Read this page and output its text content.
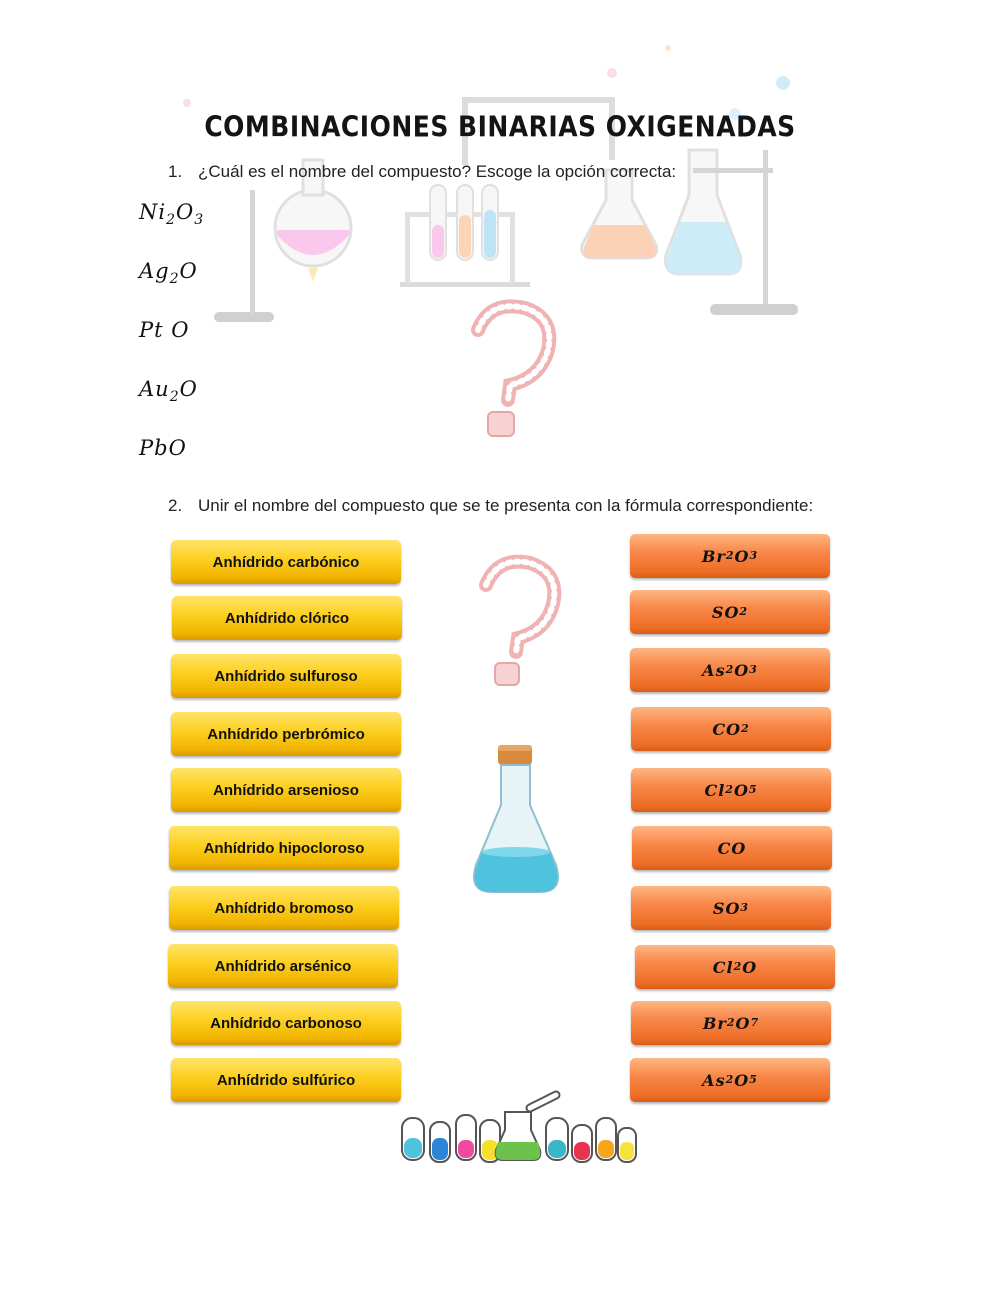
COMBINACIONES BINARIAS OXIGENADAS
1. ¿Cuál es el nombre del compuesto? Escoge la opción correcta:
$Ni_2O_3$
$Ag_2O$
Pt O
$Au_2O$
PbO
2. Unir el nombre del compuesto que se te presenta con la fórmula correspondiente:
Anhídrido carbónico
Anhídrido clórico
Anhídrido sulfuroso
Anhídrido perbrómico
Anhídrido arsenioso
Anhídrido hipocloroso
Anhídrido bromoso
Anhídrido arsénico
Anhídrido carbonoso
Anhídrido sulfúrico
Br 2 O 3
SO 2
As 2 O 3
CO 2
Cl 2 O 5
CO
SO 3
Cl 2 O
Br 2 O 7
As 2 O 5
